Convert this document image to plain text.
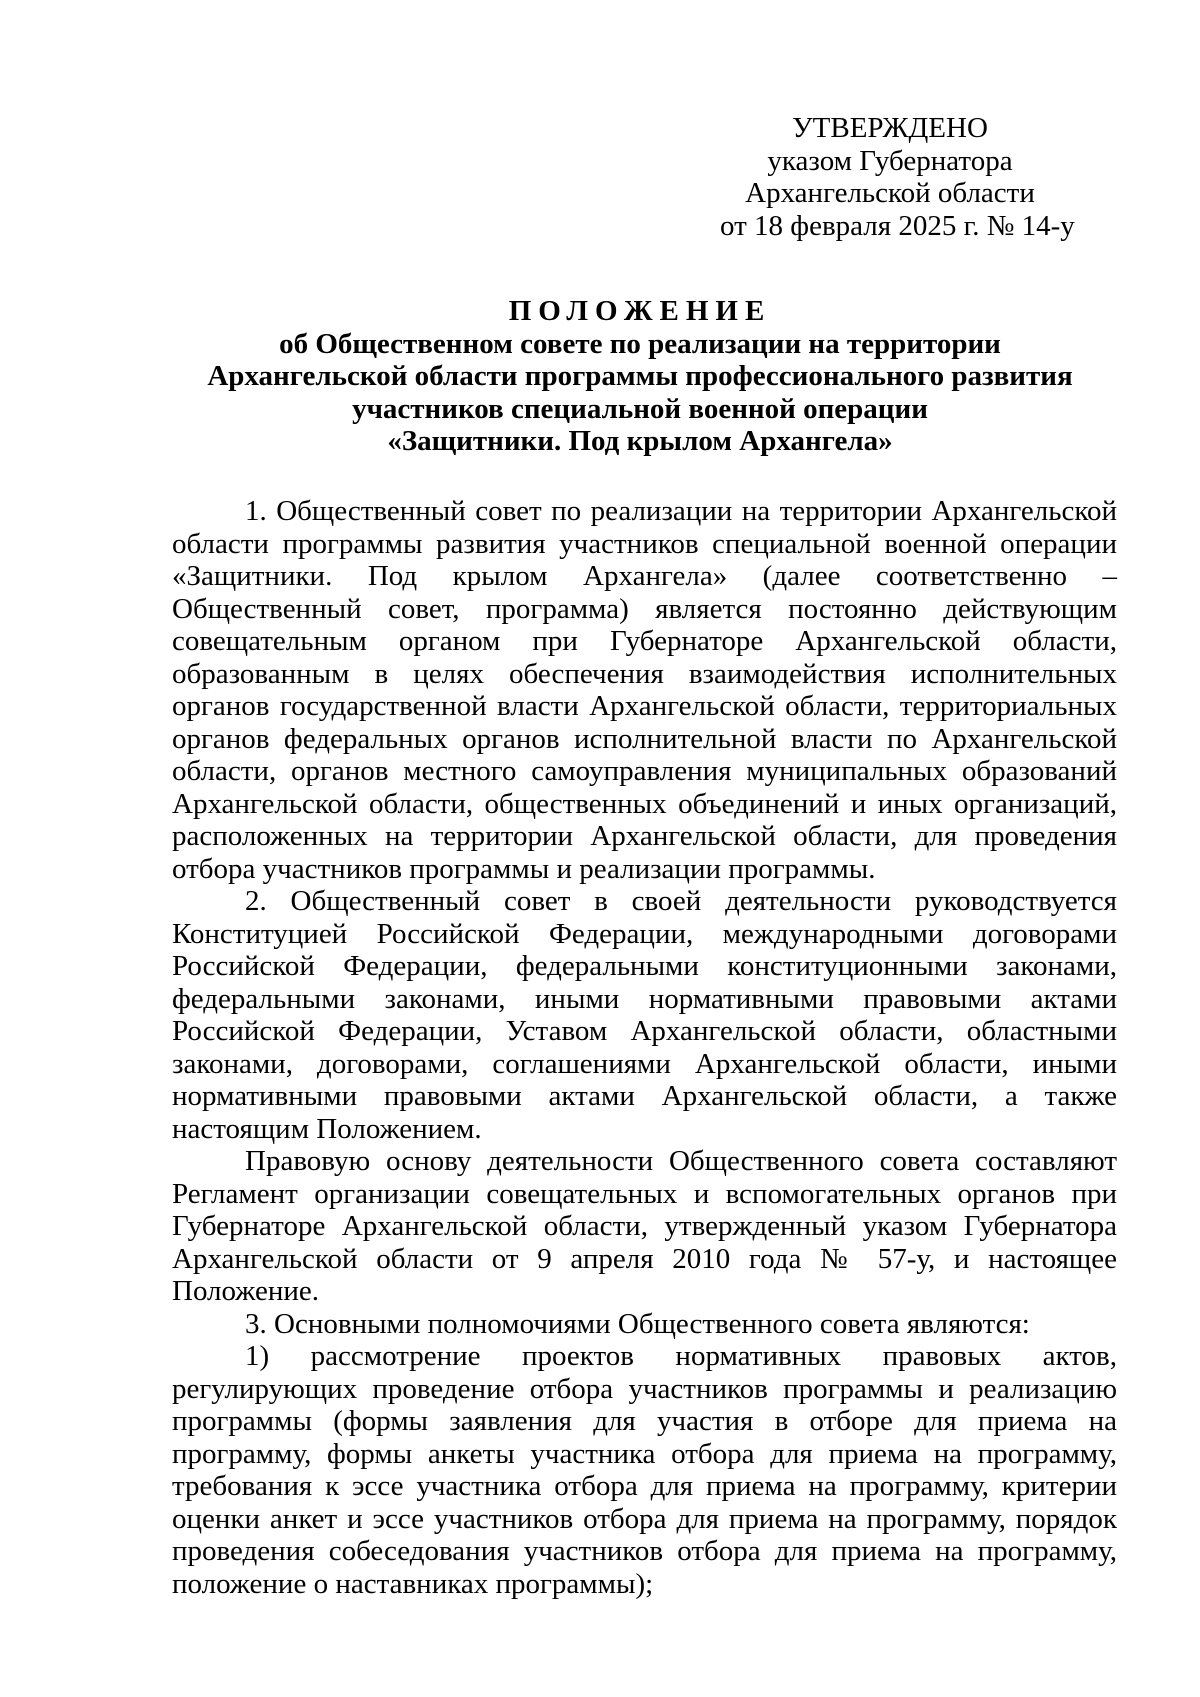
УТВЕРЖДЕНО
указом Губернатора
Архангельской области
от 18 февраля 2025 г. № 14-у
ПОЛОЖЕНИЕ
об Общественном совете по реализации на территории
Архангельской области программы профессионального развития
участников специальной военной операции
«Защитники. Под крылом Архангела»

1. Общественный совет по реализации на территории Архангельской области программы развития участников специальной военной операции «Защитники. Под крылом Архангела» (далее соответственно – Общественный совет, программа) является постоянно действующим совещательным органом при Губернаторе Архангельской области, образованным в целях обеспечения взаимодействия исполнительных органов государственной власти Архангельской области, территориальных органов федеральных органов исполнительной власти по Архангельской области, органов местного самоуправления муниципальных образований Архангельской области, общественных объединений и иных организаций, расположенных на территории Архангельской области, для проведения отбора участников программы и реализации программы.

2. Общественный совет в своей деятельности руководствуется Конституцией Российской Федерации, международными договорами Российской Федерации, федеральными конституционными законами, федеральными законами, иными нормативными правовыми актами Российской Федерации, Уставом Архангельской области, областными законами, договорами, соглашениями Архангельской области, иными нормативными правовыми актами Архангельской области, а также настоящим Положением.

Правовую основу деятельности Общественного совета составляют Регламент организации совещательных и вспомогательных органов при Губернаторе Архангельской области, утвержденный указом Губернатора Архангельской области от 9 апреля 2010 года № 57-у, и настоящее Положение.

3. Основными полномочиями Общественного совета являются:

1) рассмотрение проектов нормативных правовых актов, регулирующих проведение отбора участников программы и реализацию программы (формы заявления для участия в отборе для приема на программу, формы анкеты участника отбора для приема на программу, требования к эссе участника отбора для приема на программу, критерии оценки анкет и эссе участников отбора для приема на программу, порядок проведения собеседования участников отбора для приема на программу, положение о наставниках программы);
